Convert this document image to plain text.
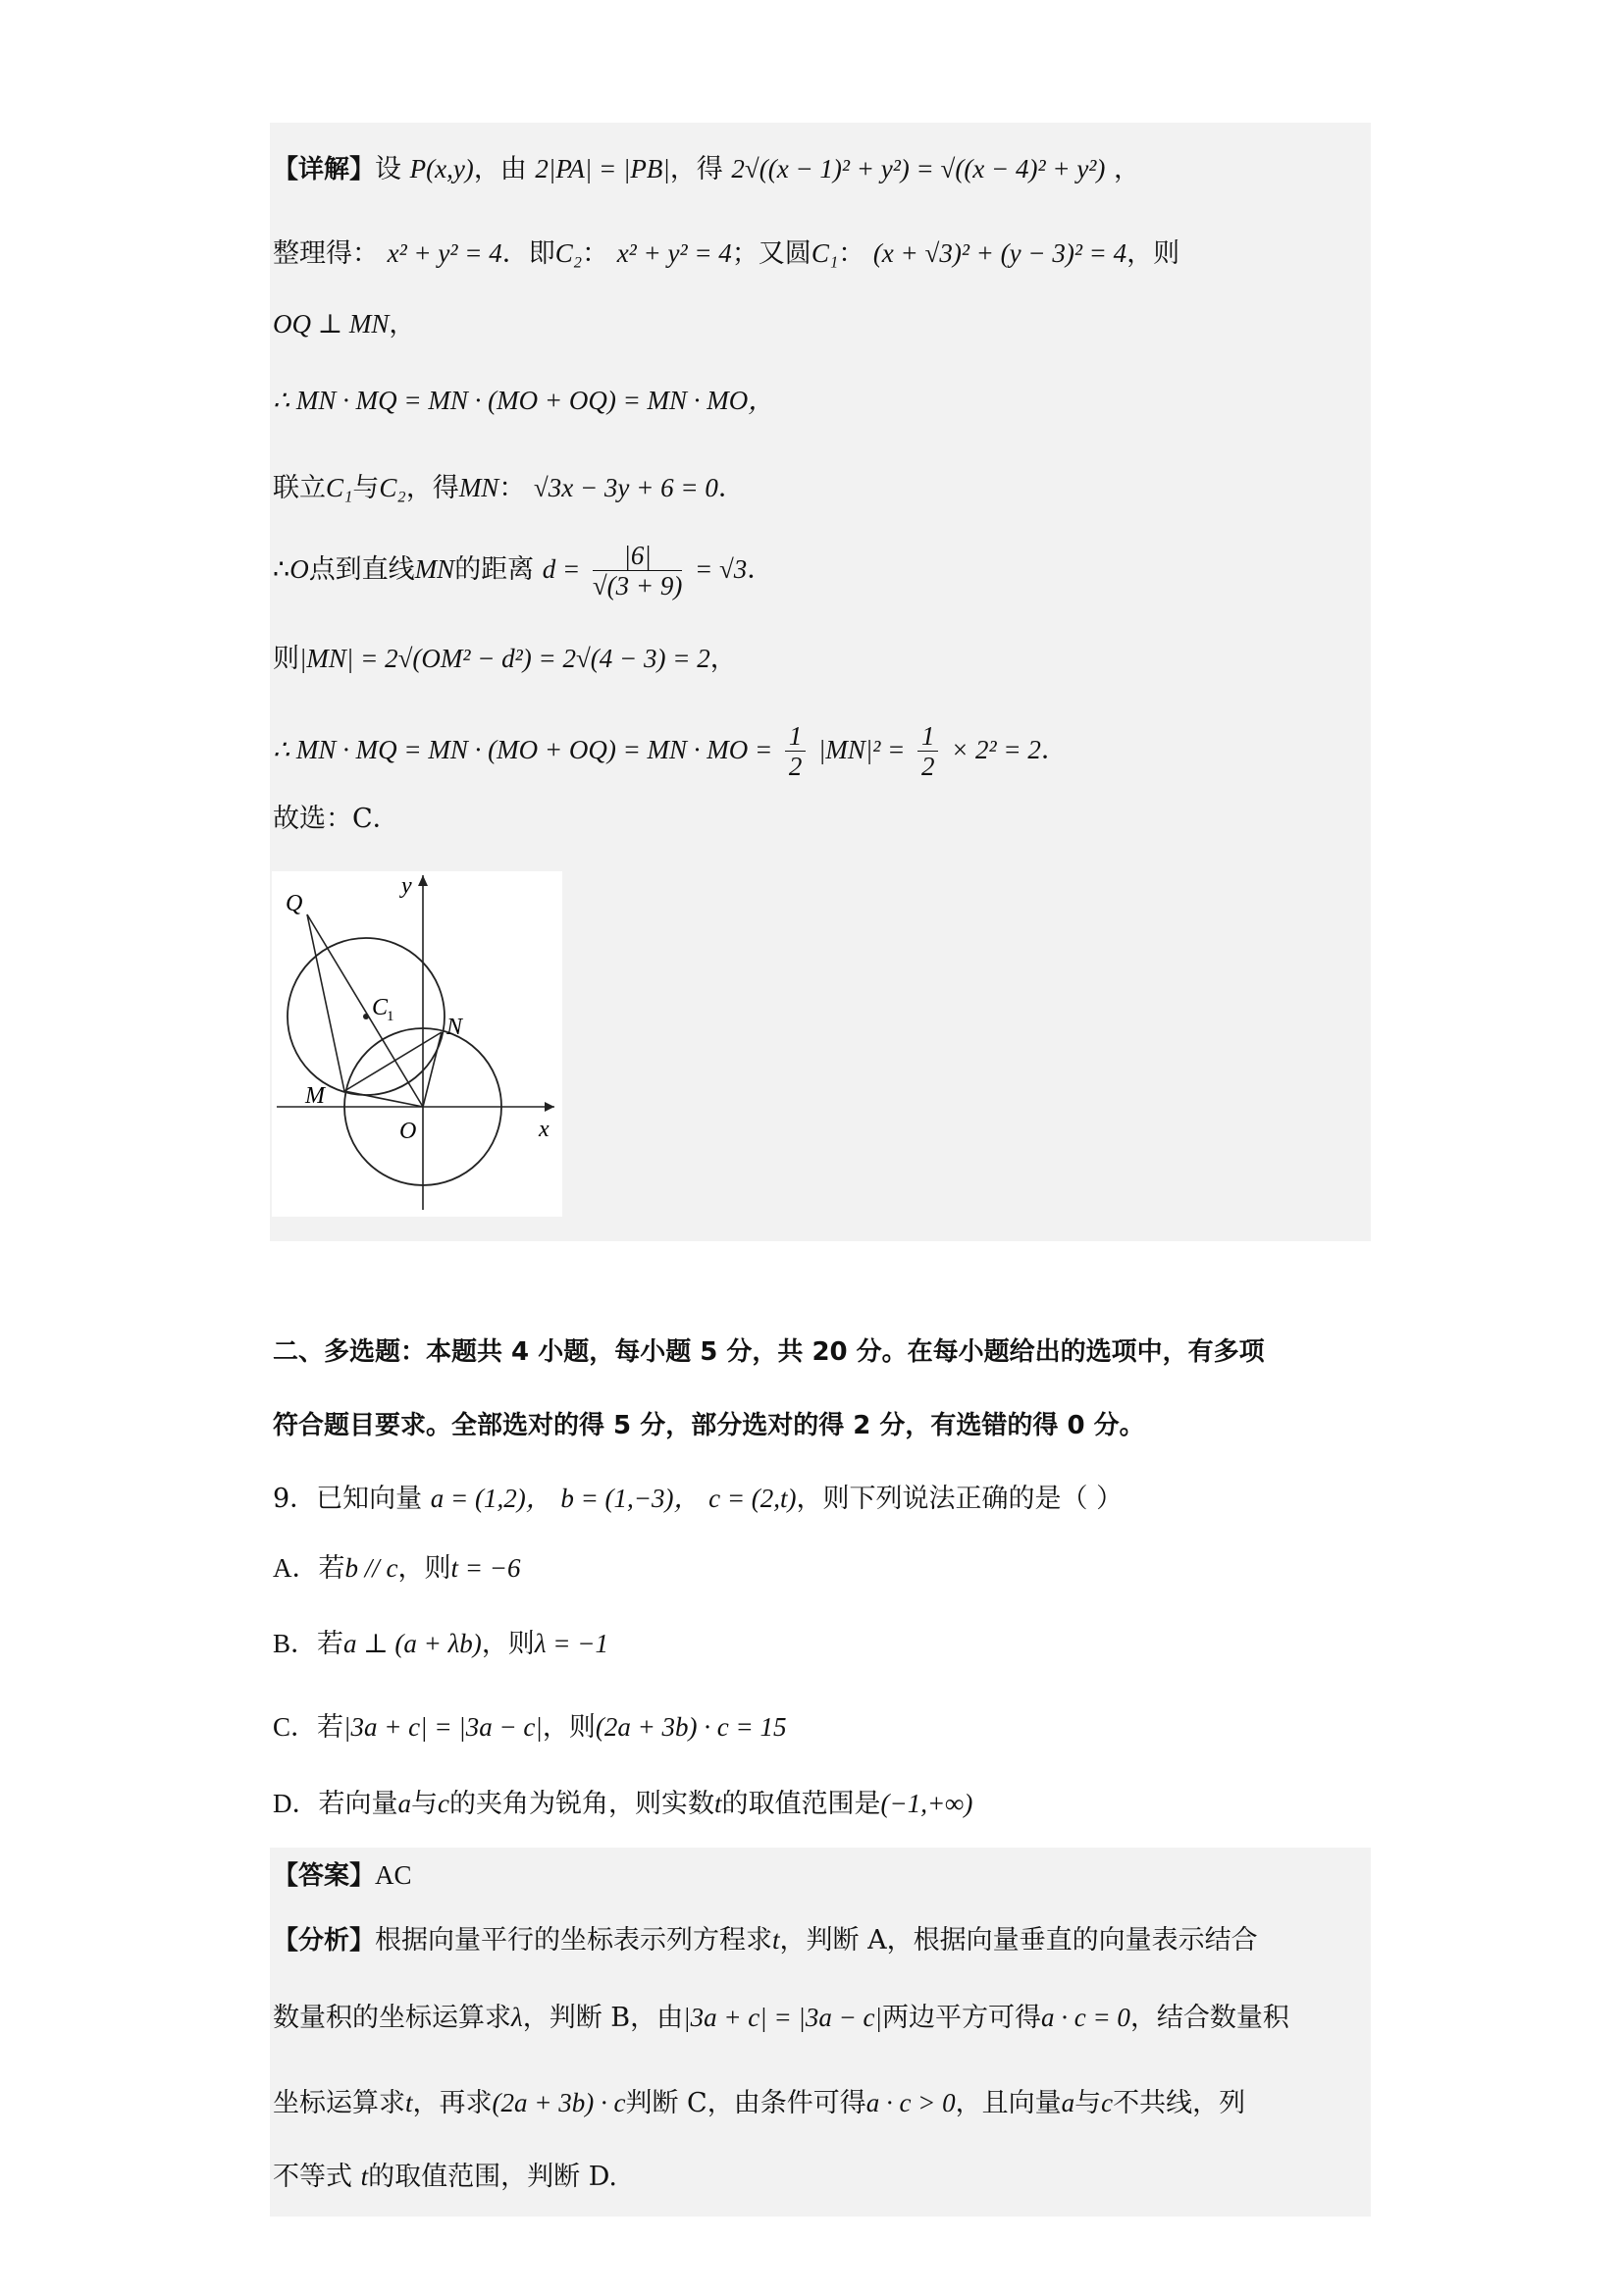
【详解】设 P(x,y)，由 2|PA| = |PB|，得 2√((x − 1)² + y²) = √((x − 4)² + y²) ，
整理得： x² + y² = 4．即C₂： x² + y² = 4；又圆C₁： (x + √3)² + (y − 3)² = 4，则
OQ ⊥ MN，
∴ MN · MQ = MN · (MO + OQ) = MN · MO，
联立C₁与C₂，得MN： √3x − 3y + 6 = 0．
∴O点到直线MN的距离 $d = \frac{|6|}{√(3 + 9)} = √3$．
则|MN| = 2√(OM² − d²) = 2√(4 − 3) = 2，
∴ MN · MQ = MN · (MO + OQ) = MN · MO = $\frac{1}{2} |MN|^2 = \frac{1}{2} \times 2^2 = 2$．
故选：C．
Q
C
1 N
M
O	x
y
二、多选题：本题共 4 小题，每小题 5 分，共 20 分。在每小题给出的选项中，有多项
符合题目要求。全部选对的得 5 分，部分选对的得 2 分，有选错的得 0 分。
9．已知向量 a = (1,2)， b = (1,−3)， c = (2,t)，则下列说法正确的是（ ）
A．若b // c，则t = −6
B．若a ⊥ (a + λb)，则λ = −1
C．若|3a + c| = |3a − c|，则(2a + 3b) · c = 15
D．若向量a与c的夹角为锐角，则实数t的取值范围是(−1,+∞)
【答案】AC
【分析】根据向量平行的坐标表示列方程求t，判断 A，根据向量垂直的向量表示结合
数量积的坐标运算求λ，判断 B，由|3a + c| = |3a − c|两边平方可得a · c = 0，结合数量积
坐标运算求t，再求(2a + 3b) · c判断 C，由条件可得a · c > 0，且向量a与c不共线，列
不等式 t的取值范围，判断 D.
